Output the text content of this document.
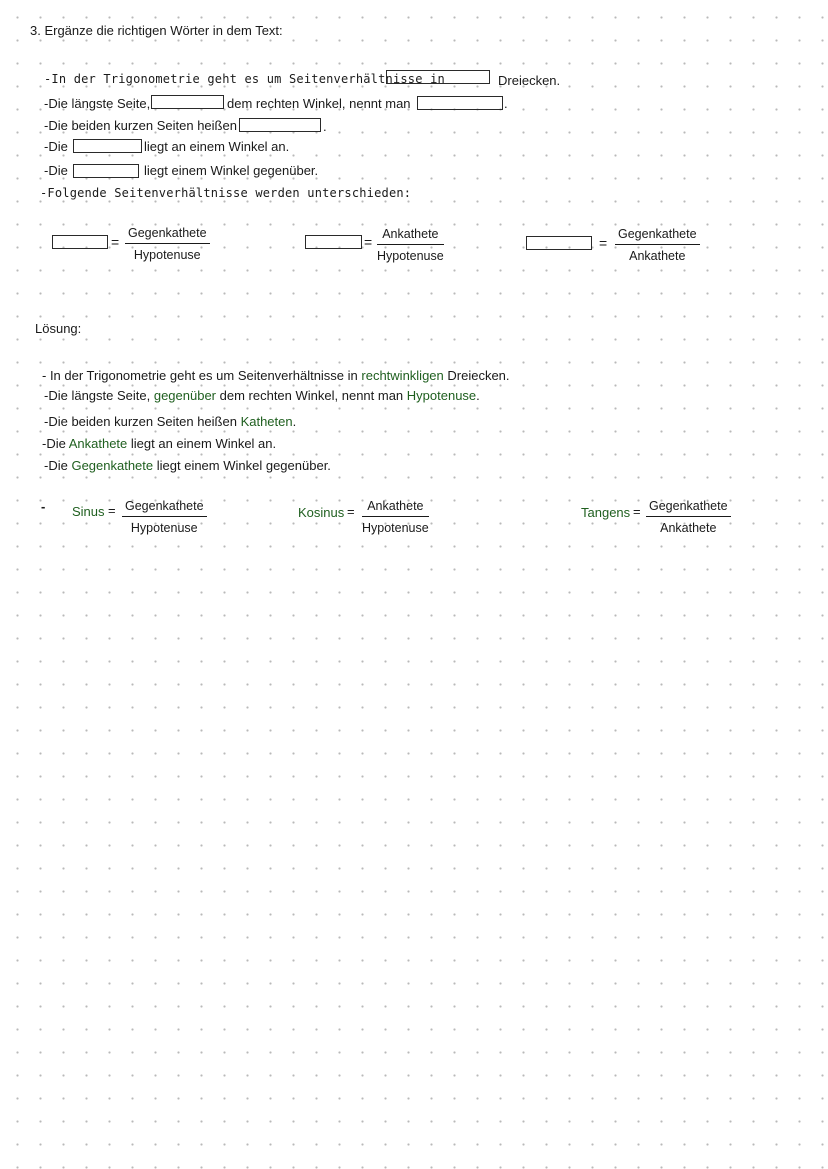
3. Ergänze die richtigen Wörter in dem Text:
-In der Trigonometrie geht es um Seitenverhältnisse in	Dreiecken.
-Die längste Seite,	dem rechten Winkel, nennt man	.
-Die beiden kurzen Seiten heißen	.
-Die	liegt an einem Winkel an.
-Die	liegt einem Winkel gegenüber.
-Folgende Seitenverhältnisse werden unterschieden:
=
Gegenkathete
Hypotenuse
= Ankathete
Hypotenuse
=
Gegenkathete
Ankathete
Lösung:
- In der Trigonometrie geht es um Seitenverhältnisse in rechtwinkligen Dreiecken.
-Die längste Seite, gegenüber dem rechten Winkel, nennt man Hypotenuse.
-Die beiden kurzen Seiten heißen Katheten.
-Die Ankathete liegt an einem Winkel an.
-Die Gegenkathete liegt einem Winkel gegenüber.
- Sinus = Gegenkathete
Hypotenuse
Kosinus =	Ankathete
Hypotenuse
Tangens = Gegenkathete
Ankathete
